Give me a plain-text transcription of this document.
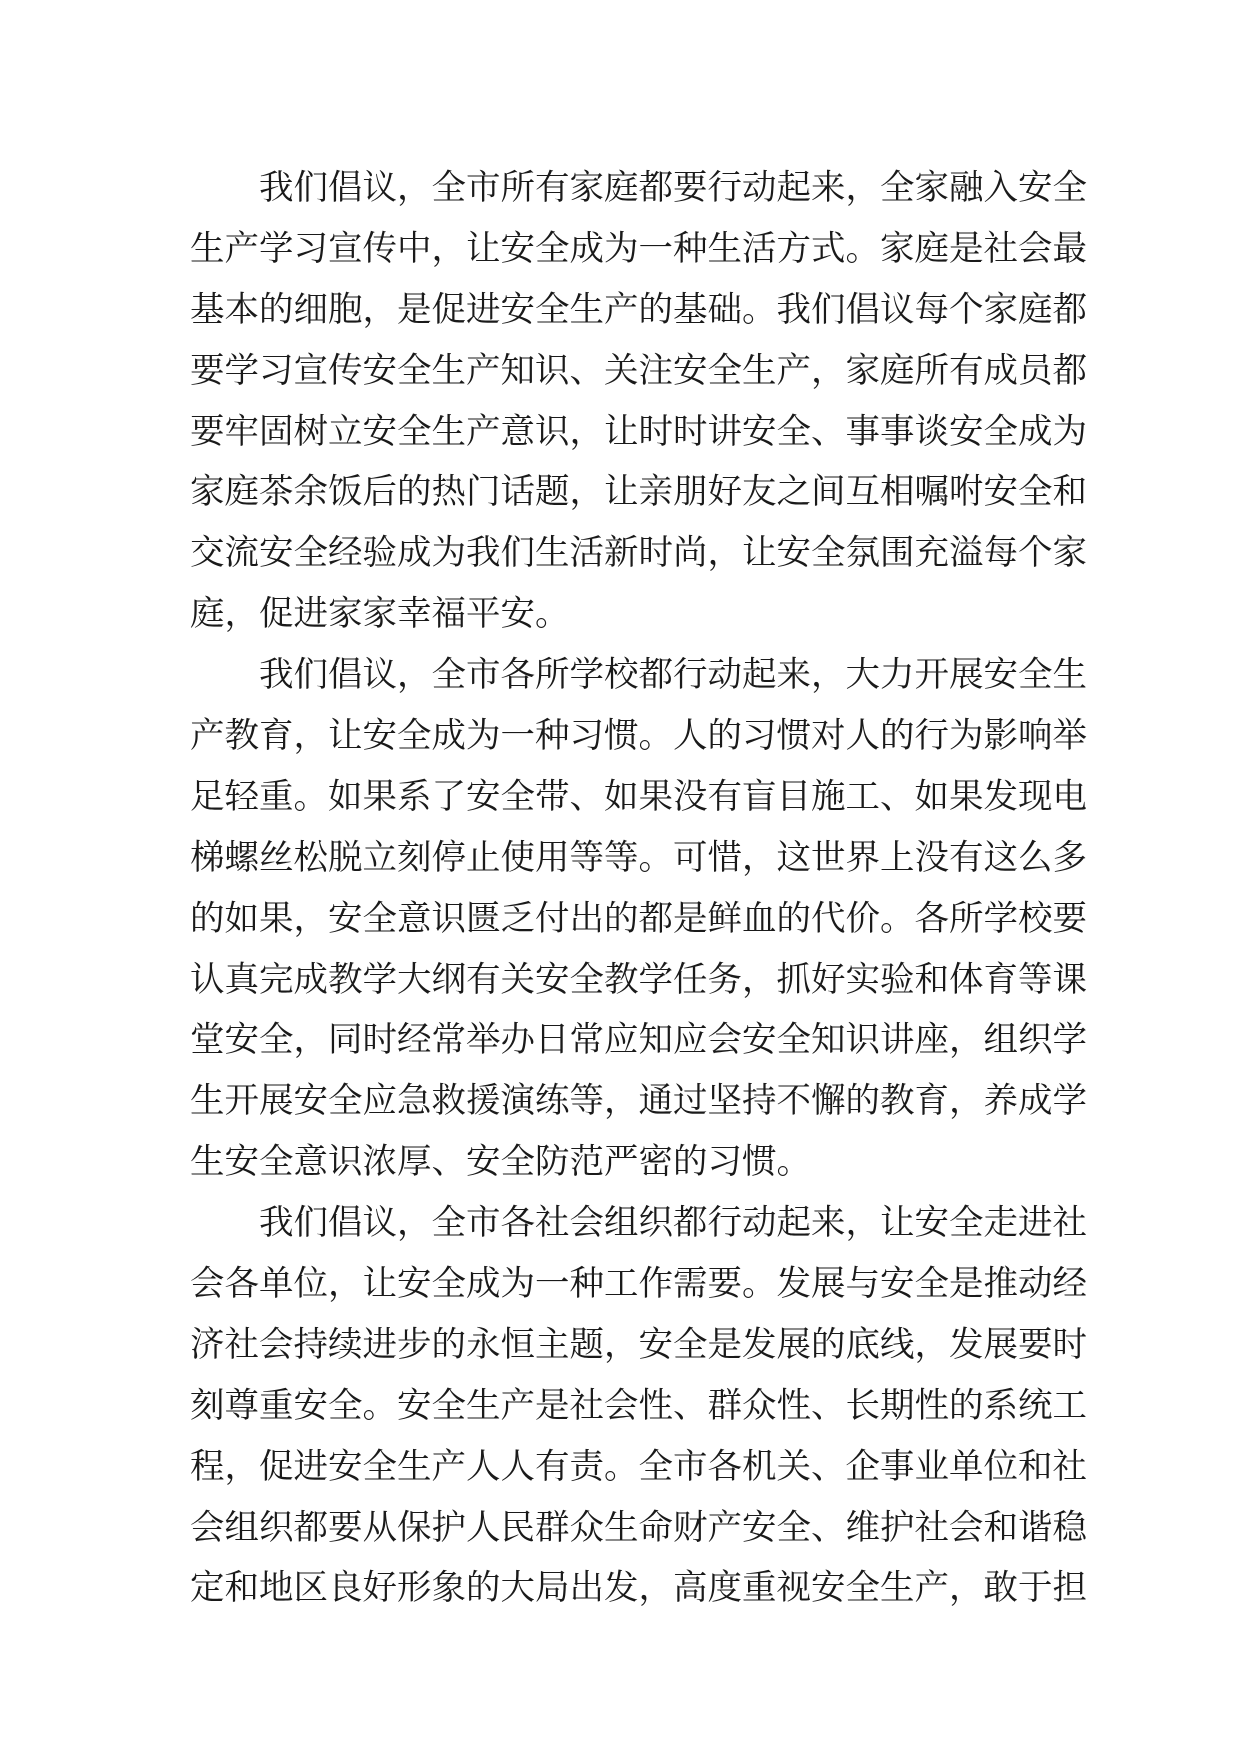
我们倡议，全市所有家庭都要行动起来，全家融入安全
生产学习宣传中，让安全成为一种生活方式。家庭是社会最
基本的细胞，是促进安全生产的基础。我们倡议每个家庭都
要学习宣传安全生产知识、关注安全生产，家庭所有成员都
要牢固树立安全生产意识，让时时讲安全、事事谈安全成为
家庭茶余饭后的热门话题，让亲朋好友之间互相嘱咐安全和
交流安全经验成为我们生活新时尚，让安全氛围充溢每个家
庭，促进家家幸福平安。
我们倡议，全市各所学校都行动起来，大力开展安全生
产教育，让安全成为一种习惯。人的习惯对人的行为影响举
足轻重。如果系了安全带、如果没有盲目施工、如果发现电
梯螺丝松脱立刻停止使用等等。可惜，这世界上没有这么多
的如果，安全意识匮乏付出的都是鲜血的代价。各所学校要
认真完成教学大纲有关安全教学任务，抓好实验和体育等课
堂安全，同时经常举办日常应知应会安全知识讲座，组织学
生开展安全应急救援演练等，通过坚持不懈的教育，养成学
生安全意识浓厚、安全防范严密的习惯。
我们倡议，全市各社会组织都行动起来，让安全走进社
会各单位，让安全成为一种工作需要。发展与安全是推动经
济社会持续进步的永恒主题，安全是发展的底线，发展要时
刻尊重安全。安全生产是社会性、群众性、长期性的系统工
程，促进安全生产人人有责。全市各机关、企事业单位和社
会组织都要从保护人民群众生命财产安全、维护社会和谐稳
定和地区良好形象的大局出发，高度重视安全生产，敢于担
